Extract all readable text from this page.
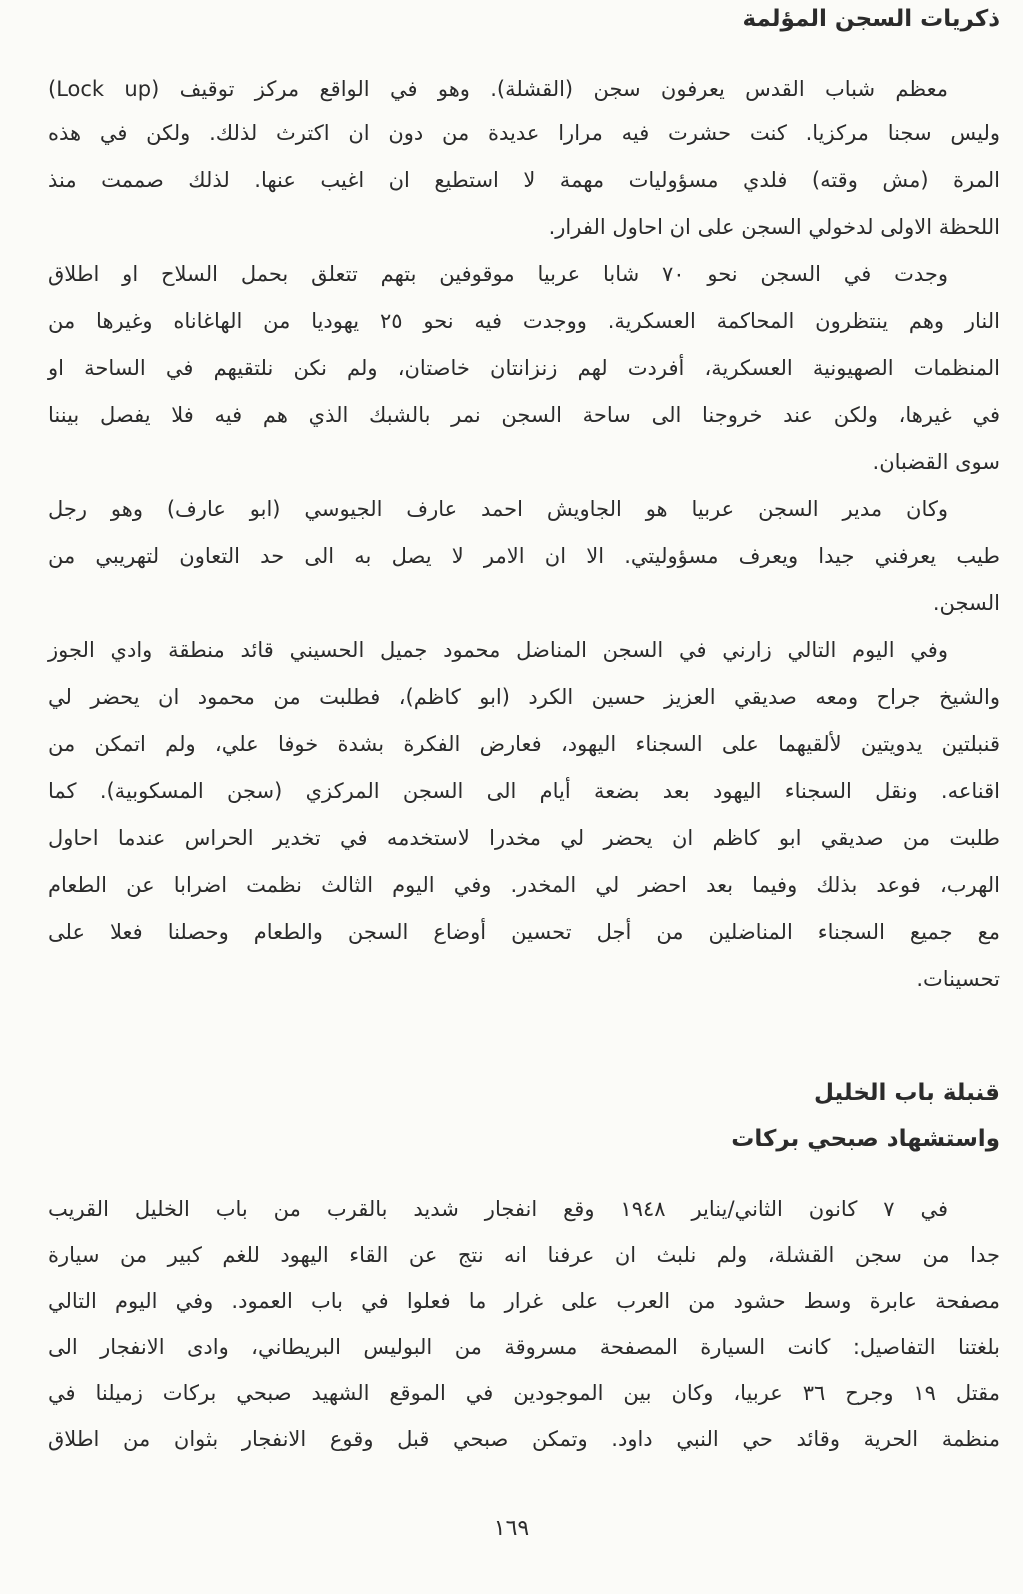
ذكريات السجن المؤلمة
معظم شباب القدس يعرفون سجن (القشلة). وهو في الواقع مركز توقيف (Lock up)
وليس سجنا مركزيا. كنت حشرت فيه مرارا عديدة من دون ان اكترث لذلك. ولكن في هذه
المرة (مش وقته) فلدي مسؤوليات مهمة لا استطيع ان اغيب عنها. لذلك صممت منذ
اللحظة الاولى لدخولي السجن على ان احاول الفرار.
وجدت في السجن نحو ٧٠ شابا عربيا موقوفين بتهم تتعلق بحمل السلاح او اطلاق
النار وهم ينتظرون المحاكمة العسكرية. ووجدت فيه نحو ٢٥ يهوديا من الهاغاناه وغيرها من
المنظمات الصهيونية العسكرية، أفردت لهم زنزانتان خاصتان، ولم نكن نلتقيهم في الساحة او
في غيرها، ولكن عند خروجنا الى ساحة السجن نمر بالشبك الذي هم فيه فلا يفصل بيننا
سوى القضبان.
وكان مدير السجن عربيا هو الجاويش احمد عارف الجيوسي (ابو عارف) وهو رجل
طيب يعرفني جيدا ويعرف مسؤوليتي. الا ان الامر لا يصل به الى حد التعاون لتهريبي من
السجن.
وفي اليوم التالي زارني في السجن المناضل محمود جميل الحسيني قائد منطقة وادي الجوز
والشيخ جراح ومعه صديقي العزيز حسين الكرد (ابو كاظم)، فطلبت من محمود ان يحضر لي
قنبلتين يدويتين لألقيهما على السجناء اليهود، فعارض الفكرة بشدة خوفا علي، ولم اتمكن من
اقناعه. ونقل السجناء اليهود بعد بضعة أيام الى السجن المركزي (سجن المسكوبية). كما
طلبت من صديقي ابو كاظم ان يحضر لي مخدرا لاستخدمه في تخدير الحراس عندما احاول
الهرب، فوعد بذلك وفيما بعد احضر لي المخدر. وفي اليوم الثالث نظمت اضرابا عن الطعام
مع جميع السجناء المناضلين من أجل تحسين أوضاع السجن والطعام وحصلنا فعلا على
تحسينات.
قنبلة باب الخليل
واستشهاد صبحي بركات
في ٧ كانون الثاني/يناير ١٩٤٨ وقع انفجار شديد بالقرب من باب الخليل القريب
جدا من سجن القشلة، ولم نلبث ان عرفنا انه نتج عن القاء اليهود للغم كبير من سيارة
مصفحة عابرة وسط حشود من العرب على غرار ما فعلوا في باب العمود. وفي اليوم التالي
بلغتنا التفاصيل: كانت السيارة المصفحة مسروقة من البوليس البريطاني، وادى الانفجار الى
مقتل ١٩ وجرح ٣٦ عربيا، وكان بين الموجودين في الموقع الشهيد صبحي بركات زميلنا في
منظمة الحرية وقائد حي النبي داود. وتمكن صبحي قبل وقوع الانفجار بثوان من اطلاق
١٦٩
